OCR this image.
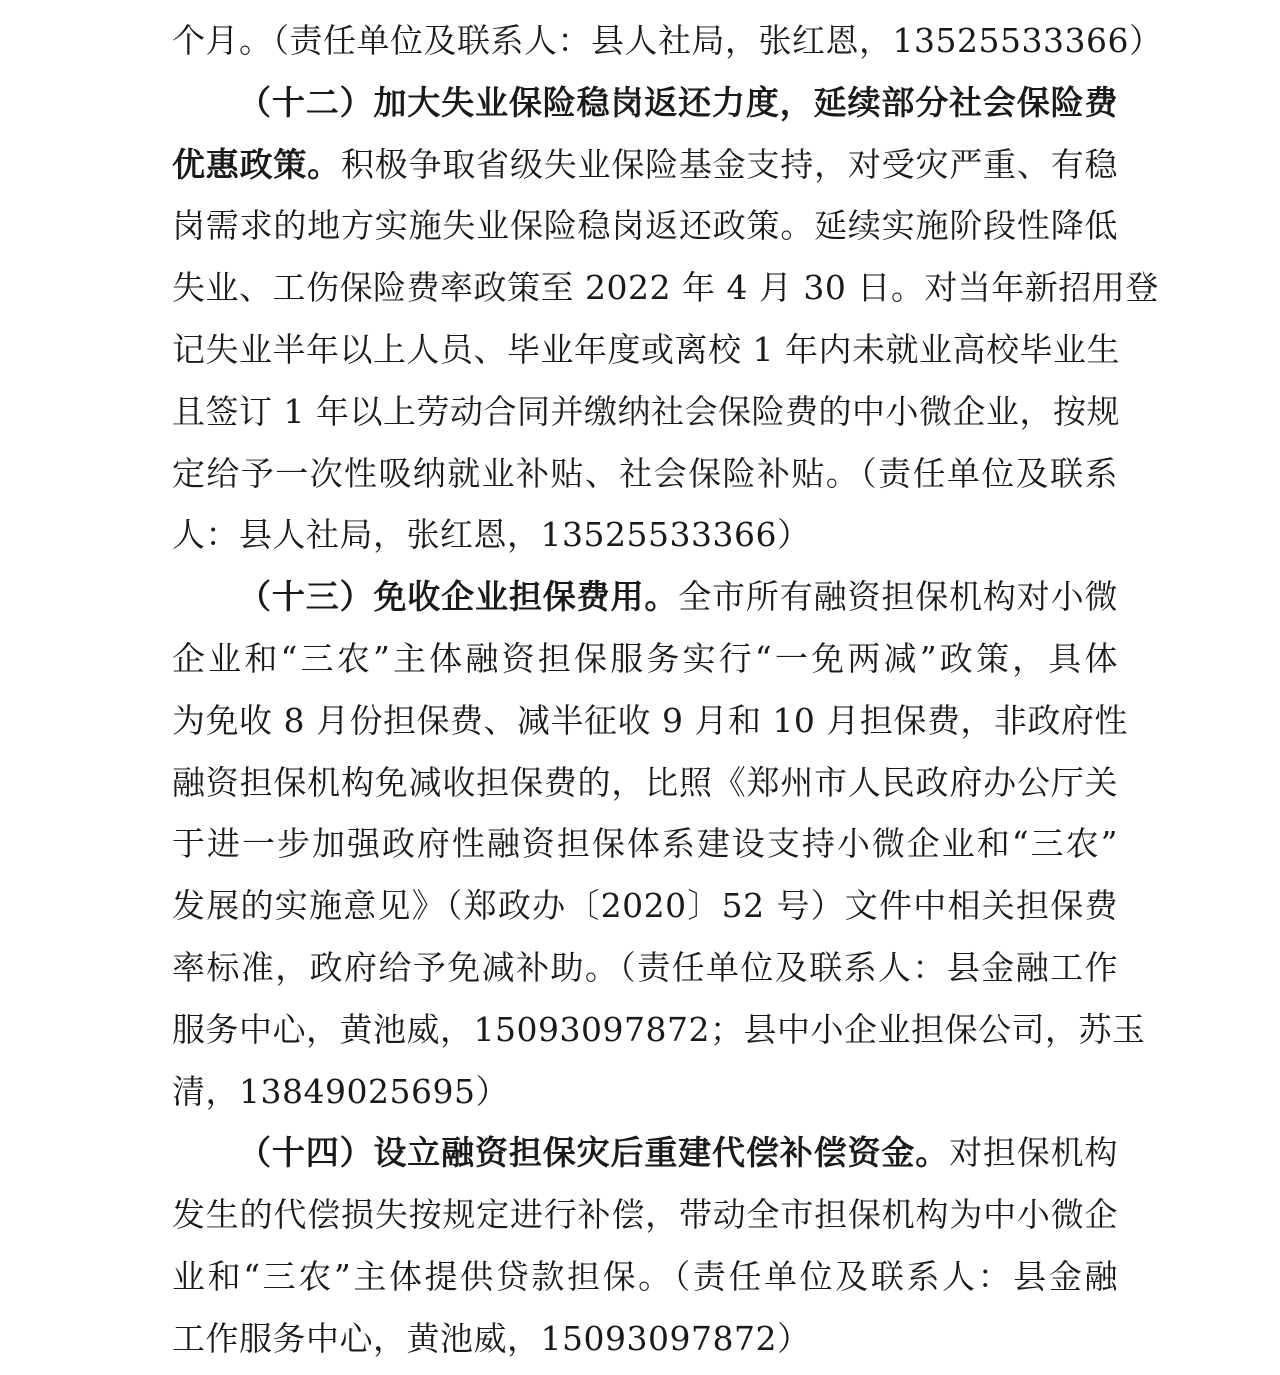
个月。（责任单位及联系人：县人社局，张红恩，13525533366）
（十二）加大失业保险稳岗返还力度，延续部分社会保险费
优惠政策。积极争取省级失业保险基金支持，对受灾严重、有稳
岗需求的地方实施失业保险稳岗返还政策。延续实施阶段性降低
失业、工伤保险费率政策至 2022 年 4 月 30 日。对当年新招用登
记失业半年以上人员、毕业年度或离校 1 年内未就业高校毕业生
且签订 1 年以上劳动合同并缴纳社会保险费的中小微企业，按规
定给予一次性吸纳就业补贴、社会保险补贴。（责任单位及联系
人：县人社局，张红恩，13525533366）
（十三）免收企业担保费用。全市所有融资担保机构对小微
企业和“三农”主体融资担保服务实行“一免两减”政策，具体
为免收 8 月份担保费、减半征收 9 月和 10 月担保费，非政府性
融资担保机构免减收担保费的，比照《郑州市人民政府办公厅关
于进一步加强政府性融资担保体系建设支持小微企业和“三农”
发展的实施意见》（郑政办〔2020〕52 号）文件中相关担保费
率标准，政府给予免减补助。（责任单位及联系人：县金融工作
服务中心，黄池威，15093097872；县中小企业担保公司，苏玉
清，13849025695）
（十四）设立融资担保灾后重建代偿补偿资金。对担保机构
发生的代偿损失按规定进行补偿，带动全市担保机构为中小微企
业和“三农”主体提供贷款担保。（责任单位及联系人：县金融
工作服务中心，黄池威，15093097872）
